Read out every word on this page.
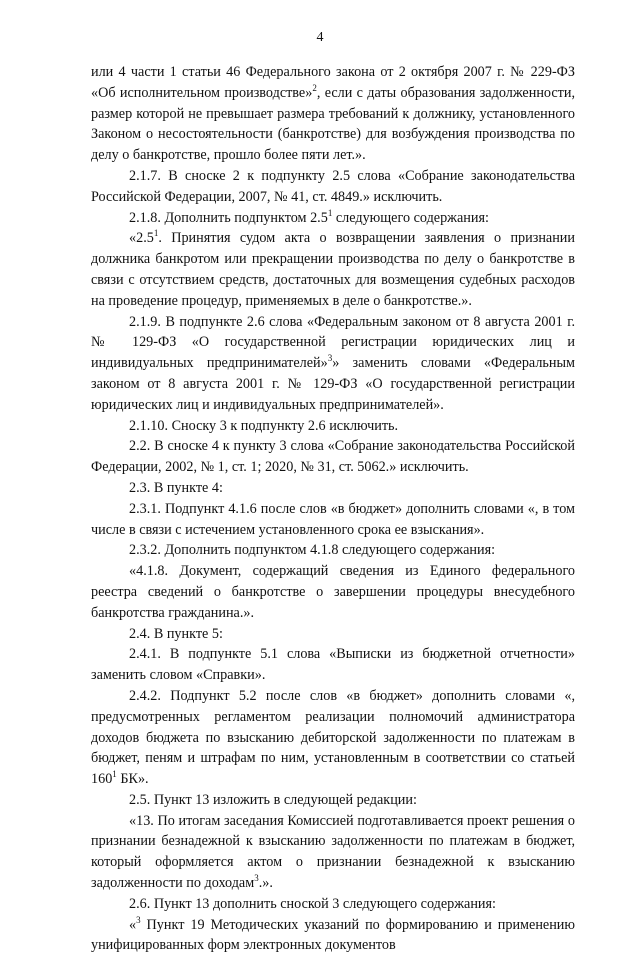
4

или 4 части 1 статьи 46 Федерального закона от 2 октября 2007 г. № 229-ФЗ «Об исполнительном производстве»$^2$, если с даты образования задолженности, размер которой не превышает размера требований к должнику, установленного Законом о несостоятельности (банкротстве) для возбуждения производства по делу о банкротстве, прошло более пяти лет.».

2.1.7. В сноске 2 к подпункту 2.5 слова «Собрание законодательства Российской Федерации, 2007, № 41, ст. 4849.» исключить.

2.1.8. Дополнить подпунктом $2.5^1$ следующего содержания:

«$2.5^1$. Принятия судом акта о возвращении заявления о признании должника банкротом или прекращении производства по делу о банкротстве в связи с отсутствием средств, достаточных для возмещения судебных расходов на проведение процедур, применяемых в деле о банкротстве.».

2.1.9. В подпункте 2.6 слова «Федеральным законом от 8 августа 2001 г. № 129-ФЗ «О государственной регистрации юридических лиц и индивидуальных предпринимателей»$^3$» заменить словами «Федеральным законом от 8 августа 2001 г. № 129-ФЗ «О государственной регистрации юридических лиц и индивидуальных предпринимателей».

2.1.10. Сноску 3 к подпункту 2.6 исключить.

2.2. В сноске 4 к пункту 3 слова «Собрание законодательства Российской Федерации, 2002, № 1, ст. 1; 2020, № 31, ст. 5062.» исключить.

2.3. В пункте 4:

2.3.1. Подпункт 4.1.6 после слов «в бюджет» дополнить словами «, в том числе в связи с истечением установленного срока ее взыскания».

2.3.2. Дополнить подпунктом 4.1.8 следующего содержания:

«4.1.8. Документ, содержащий сведения из Единого федерального реестра сведений о банкротстве о завершении процедуры внесудебного банкротства гражданина.».

2.4. В пункте 5:

2.4.1. В подпункте 5.1 слова «Выписки из бюджетной отчетности» заменить словом «Справки».

2.4.2. Подпункт 5.2 после слов «в бюджет» дополнить словами «, предусмотренных регламентом реализации полномочий администратора доходов бюджета по взысканию дебиторской задолженности по платежам в бюджет, пеням и штрафам по ним, установленным в соответствии со статьей $160^1$ БК».

2.5. Пункт 13 изложить в следующей редакции:

«13. По итогам заседания Комиссией подготавливается проект решения о признании безнадежной к взысканию задолженности по платежам в бюджет, который оформляется актом о признании безнадежной к взысканию задолженности по доходам$^3$.».

2.6. Пункт 13 дополнить сноской 3 следующего содержания:

«$^3$ Пункт 19 Методических указаний по формированию и применению унифицированных форм электронных документов
